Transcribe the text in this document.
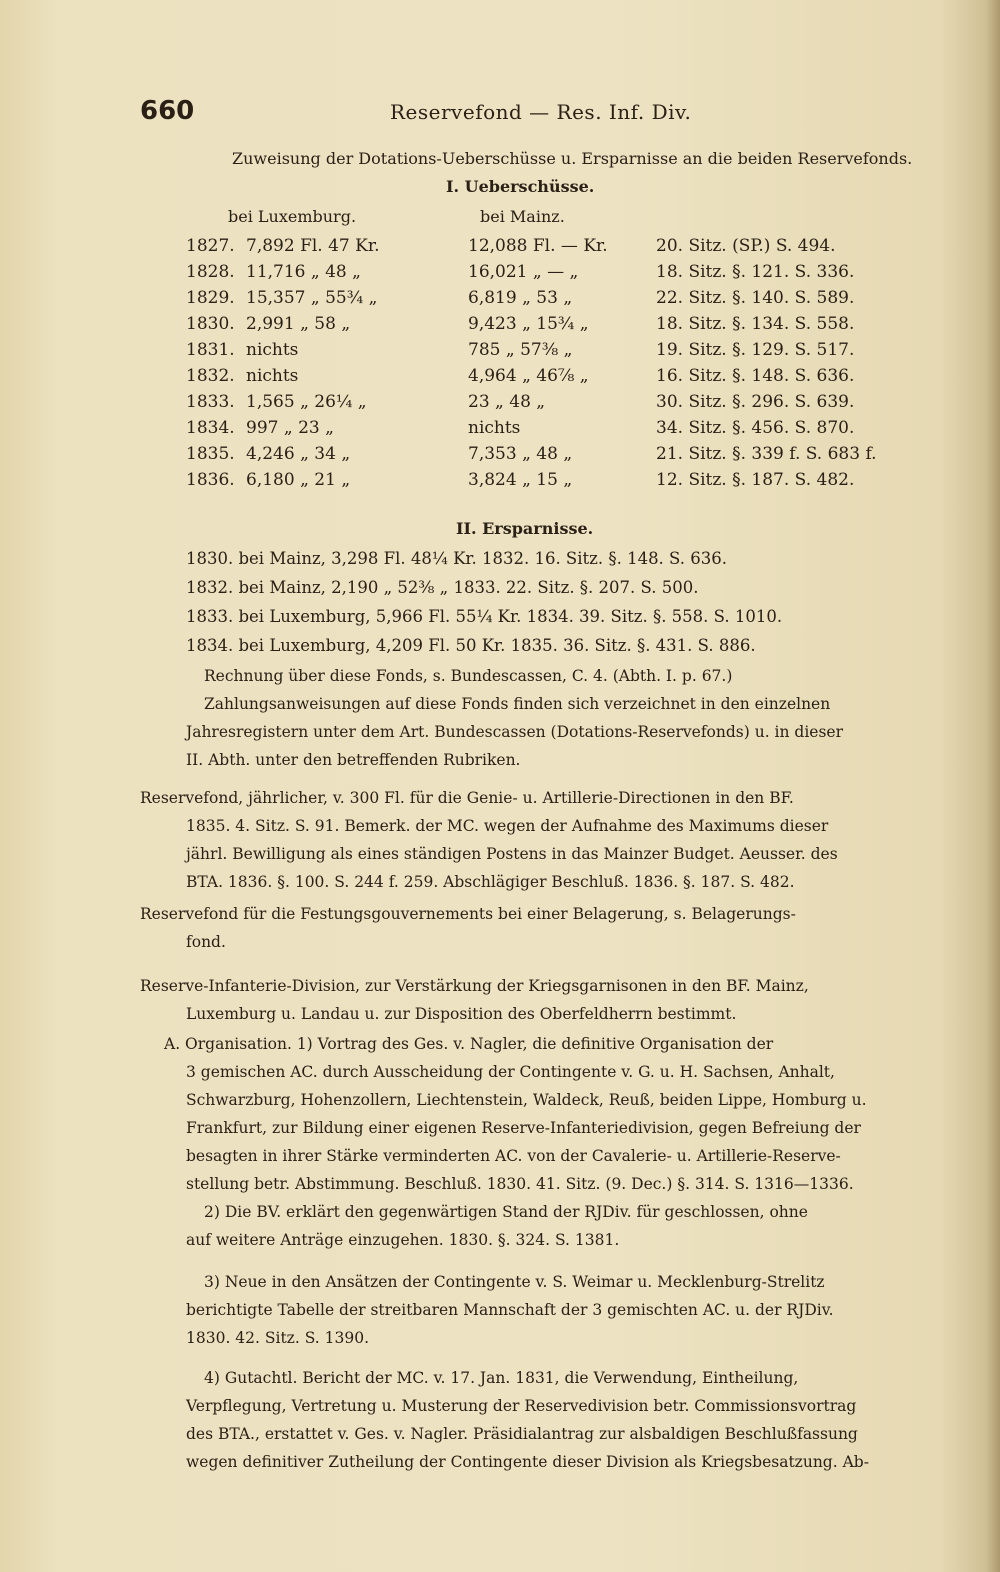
660	Reservefond — Res. Inf. Div.
Zuweisung der Dotations-Ueberschüsse u. Ersparnisse an die beiden Reservefonds.
I. Ueberschüsse.
bei Luxemburg.	bei Mainz.
1827. 7,892 Fl. 47 Kr.	12,088 Fl. — Kr.	20. Sitz. (SP.) S. 494.
1828. 11,716 „ 48 „	16,021 „ — „	18. Sitz. §. 121. S. 336.
1829. 15,357 „ 55¾ „	6,819 „ 53 „	22. Sitz. §. 140. S. 589.
1830. 2,991 „ 58 „	9,423 „ 15¾ „	18. Sitz. §. 134. S. 558.
1831. nichts	785 „ 57⅜ „	19. Sitz. §. 129. S. 517.
1832. nichts	4,964 „ 46⅞ „	16. Sitz. §. 148. S. 636.
1833. 1,565 „ 26¼ „	23 „ 48 „	30. Sitz. §. 296. S. 639.
1834. 997 „ 23 „	nichts	34. Sitz. §. 456. S. 870.
1835. 4,246 „ 34 „	7,353 „ 48 „	21. Sitz. §. 339 f. S. 683 f.
1836. 6,180 „ 21 „	3,824 „ 15 „	12. Sitz. §. 187. S. 482.
II. Ersparnisse.
1830. bei Mainz, 3,298 Fl. 48¼ Kr. 1832. 16. Sitz. §. 148. S. 636.
1832. bei Mainz, 2,190 „ 52⅜ „ 1833. 22. Sitz. §. 207. S. 500.
1833. bei Luxemburg, 5,966 Fl. 55¼ Kr. 1834. 39. Sitz. §. 558. S. 1010.
1834. bei Luxemburg, 4,209 Fl. 50 Kr. 1835. 36. Sitz. §. 431. S. 886.

Rechnung über diese Fonds, s. Bundescassen, C. 4. (Abth. I. p. 67.)

Zahlungsanweisungen auf diese Fonds finden sich verzeichnet in den einzelnen

Jahresregistern unter dem Art. Bundescassen (Dotations-Reservefonds) u. in dieser

II. Abth. unter den betreffenden Rubriken.

Reservefond, jährlicher, v. 300 Fl. für die Genie- u. Artillerie-Directionen in den BF.

1835. 4. Sitz. S. 91. Bemerk. der MC. wegen der Aufnahme des Maximums dieser

jährl. Bewilligung als eines ständigen Postens in das Mainzer Budget. Aeusser. des

BTA. 1836. §. 100. S. 244 f. 259. Abschlägiger Beschluß. 1836. §. 187. S. 482.

Reservefond für die Festungsgouvernements bei einer Belagerung, s. Belagerungs-

fond.

Reserve-Infanterie-Division, zur Verstärkung der Kriegsgarnisonen in den BF. Mainz,

Luxemburg u. Landau u. zur Disposition des Oberfeldherrn bestimmt.

A. Organisation. 1) Vortrag des Ges. v. Nagler, die definitive Organisation der

3 gemischen AC. durch Ausscheidung der Contingente v. G. u. H. Sachsen, Anhalt,

Schwarzburg, Hohenzollern, Liechtenstein, Waldeck, Reuß, beiden Lippe, Homburg u.

Frankfurt, zur Bildung einer eigenen Reserve-Infanteriedivision, gegen Befreiung der

besagten in ihrer Stärke verminderten AC. von der Cavalerie- u. Artillerie-Reserve-

stellung betr. Abstimmung. Beschluß. 1830. 41. Sitz. (9. Dec.) §. 314. S. 1316—1336.

2) Die BV. erklärt den gegenwärtigen Stand der RJDiv. für geschlossen, ohne

auf weitere Anträge einzugehen. 1830. §. 324. S. 1381.

3) Neue in den Ansätzen der Contingente v. S. Weimar u. Mecklenburg-Strelitz

berichtigte Tabelle der streitbaren Mannschaft der 3 gemischten AC. u. der RJDiv.

1830. 42. Sitz. S. 1390.

4) Gutachtl. Bericht der MC. v. 17. Jan. 1831, die Verwendung, Eintheilung,

Verpflegung, Vertretung u. Musterung der Reservedivision betr. Commissionsvortrag

des BTA., erstattet v. Ges. v. Nagler. Präsidialantrag zur alsbaldigen Beschlußfassung

wegen definitiver Zutheilung der Contingente dieser Division als Kriegsbesatzung. Ab-
